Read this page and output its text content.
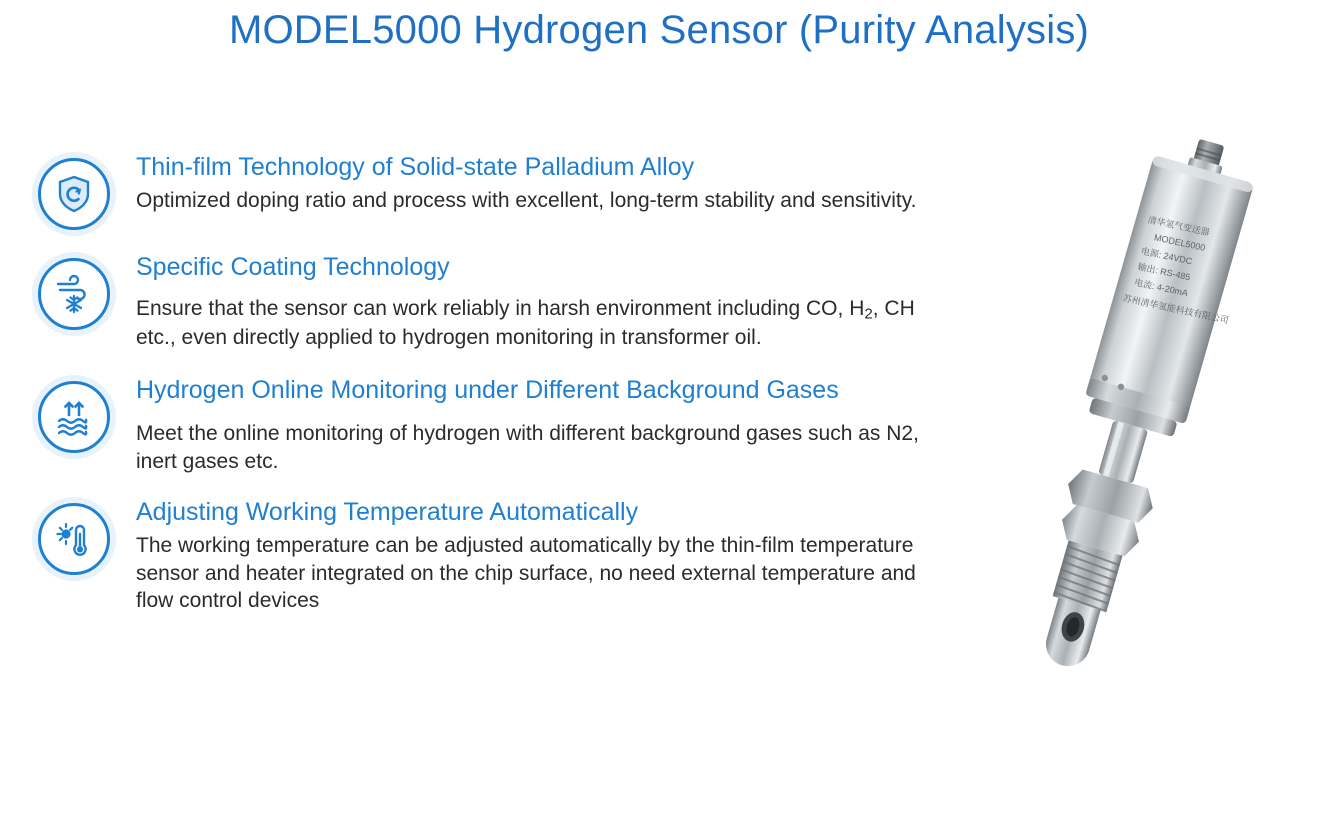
MODEL5000 Hydrogen Sensor (Purity Analysis)

Thin-film Technology of Solid-state Palladium Alloy

Optimized doping ratio and process with excellent, long-term stability and sensitivity.

Specific Coating Technology

Ensure that the sensor can work reliably in harsh environment including CO, $H_2$, CH etc., even directly applied to hydrogen monitoring in transformer oil.

Hydrogen Online Monitoring under Different Background Gases

Meet the online monitoring of hydrogen with different background gases such as N2, inert gases etc.

Adjusting Working Temperature Automatically

The working temperature can be adjusted automatically by the thin-film temperature sensor and heater integrated on the chip surface, no need external temperature and flow control devices

清华氢气变送器
MODEL5000
电源: 24VDC
输出: RS-485
电流: 4-20mA
苏州清华氢能科技有限公司
